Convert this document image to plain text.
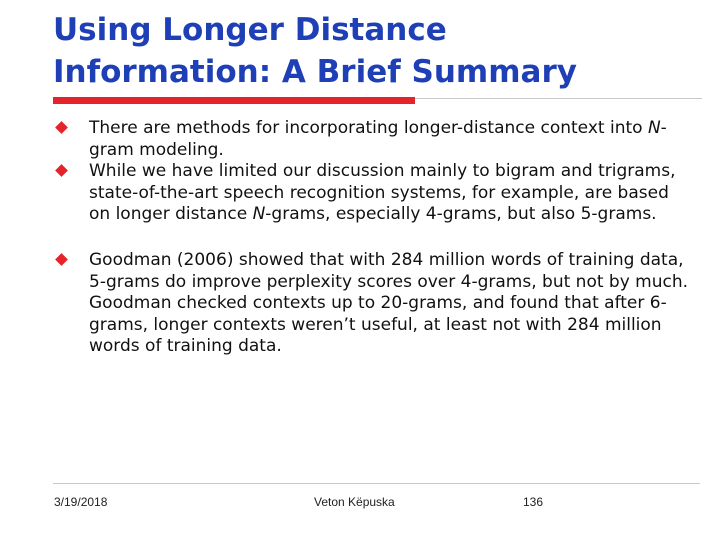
Using Longer Distance
Information: A Brief Summary
There are methods for incorporating longer-distance context into N-gram modeling.
While we have limited our discussion mainly to bigram and trigrams, state-of-the-art speech recognition systems, for example, are based on longer distance N-grams, especially 4-grams, but also 5-grams.
Goodman (2006) showed that with 284 million words of training data, 5-grams do improve perplexity scores over 4-grams, but not by much. Goodman checked contexts up to 20-grams, and found that after 6-grams, longer contexts weren’t useful, at least not with 284 million words of training data.
3/19/2018	Veton Këpuska	136
